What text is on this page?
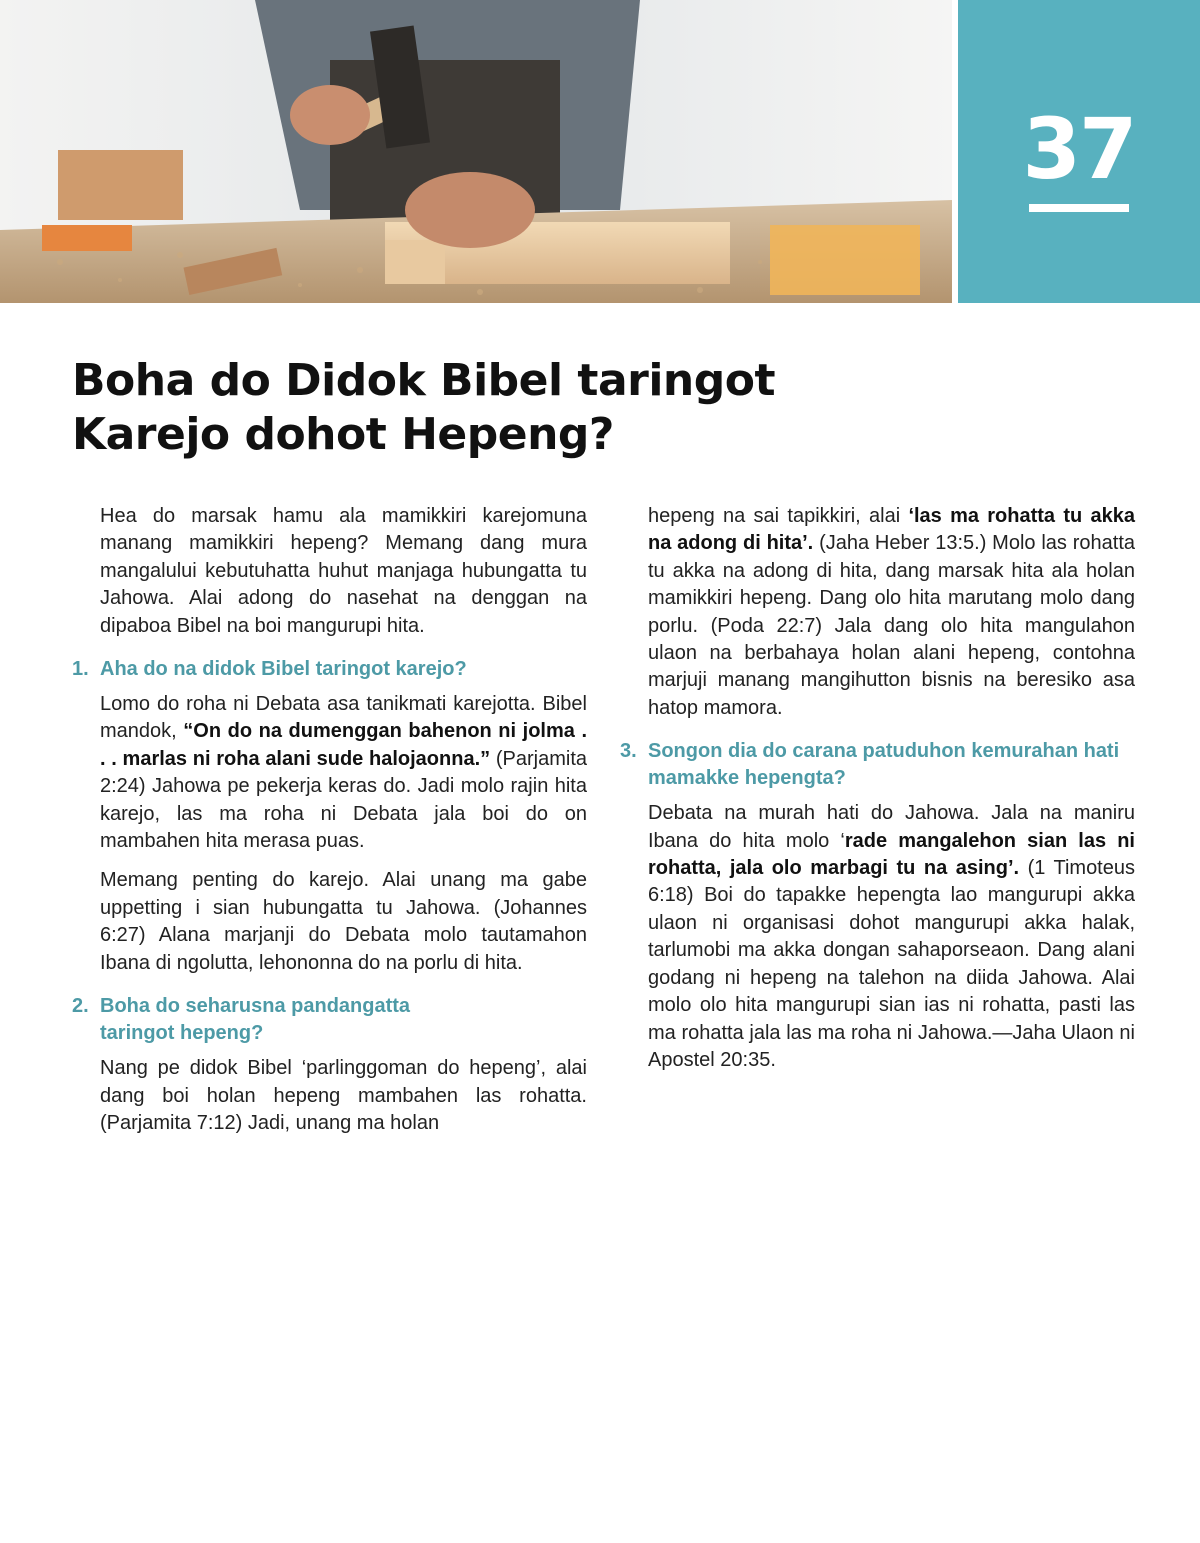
37
Boha do Didok Bibel taringot
Karejo dohot Hepeng?

Hea do marsak hamu ala mamikkiri karejomuna manang mamikkiri hepeng? Memang dang mura mangalului kebutuhatta huhut manjaga hubungatta tu Jahowa. Alai adong do nasehat na denggan na dipaboa Bibel na boi mangurupi hita.

1. Aha do na didok Bibel taringot karejo?

Lomo do roha ni Debata asa tanikmati karejotta. Bibel mandok, “On do na dumenggan bahenon ni jolma . . . marlas ni roha alani sude halojaonna.” (Parjamita 2:24) Jahowa pe pekerja keras do. Jadi molo rajin hita karejo, las ma roha ni Debata jala boi do on mambahen hita merasa puas.

Memang penting do karejo. Alai unang ma gabe uppetting i sian hubungatta tu Jahowa. (Johannes 6:27) Alana marjanji do Debata molo tautamahon Ibana di ngolutta, lehononna do na porlu di hita.

2. Boha do seharusna pandangatta taringot hepeng?

Nang pe didok Bibel ‘parlinggoman do hepeng’, alai dang boi holan hepeng mambahen las rohatta. (Parjamita 7:12) Jadi, unang ma holan

hepeng na sai tapikkiri, alai ‘las ma rohatta tu akka na adong di hita’. (Jaha Heber 13:5.) Molo las rohatta tu akka na adong di hita, dang marsak hita ala holan mamikkiri hepeng. Dang olo hita marutang molo dang porlu. (Poda 22:7) Jala dang olo hita mangulahon ulaon na berbahaya holan alani hepeng, contohna marjuji manang mangihutton bisnis na beresiko asa hatop mamora.

3. Songon dia do carana patuduhon kemurahan hati mamakke hepengta?

Debata na murah hati do Jahowa. Jala na maniru Ibana do hita molo ‘rade mangalehon sian las ni rohatta, jala olo marbagi tu na asing’. (1 Timoteus 6:18) Boi do tapakke hepengta lao mangurupi akka ulaon ni organisasi dohot mangurupi akka halak, tarlumobi ma akka dongan sahaporseaon. Dang alani godang ni hepeng na talehon na diida Jahowa. Alai molo olo hita mangurupi sian ias ni rohatta, pasti las ma rohatta jala las ma roha ni Jahowa.—Jaha Ulaon ni Apostel 20:35.
